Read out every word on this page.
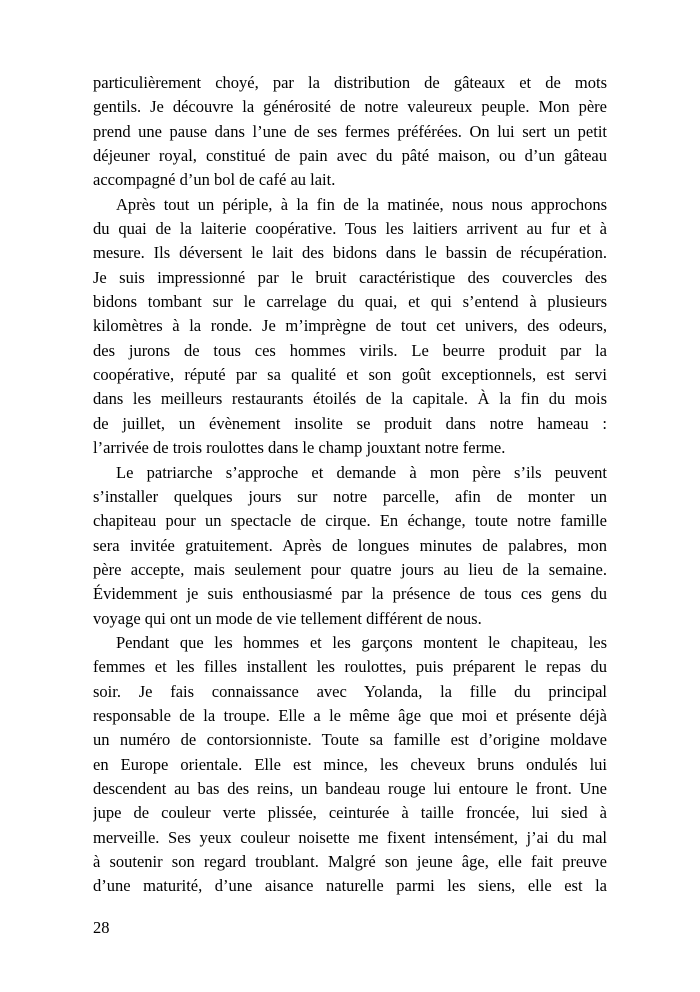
particulièrement choyé, par la distribution de gâteaux et de mots
gentils. Je découvre la générosité de notre valeureux peuple. Mon père
prend une pause dans l’une de ses fermes préférées. On lui sert un petit
déjeuner royal, constitué de pain avec du pâté maison, ou d’un gâteau
accompagné d’un bol de café au lait.

Après tout un périple, à la fin de la matinée, nous nous approchons
du quai de la laiterie coopérative. Tous les laitiers arrivent au fur et à
mesure. Ils déversent le lait des bidons dans le bassin de récupération.
Je suis impressionné par le bruit caractéristique des couvercles des
bidons tombant sur le carrelage du quai, et qui s’entend à plusieurs
kilomètres à la ronde. Je m’imprègne de tout cet univers, des odeurs,
des jurons de tous ces hommes virils. Le beurre produit par la
coopérative, réputé par sa qualité et son goût exceptionnels, est servi
dans les meilleurs restaurants étoilés de la capitale. À la fin du mois
de juillet, un évènement insolite se produit dans notre hameau :
l’arrivée de trois roulottes dans le champ jouxtant notre ferme.

Le patriarche s’approche et demande à mon père s’ils peuvent
s’installer quelques jours sur notre parcelle, afin de monter un
chapiteau pour un spectacle de cirque. En échange, toute notre famille
sera invitée gratuitement. Après de longues minutes de palabres, mon
père accepte, mais seulement pour quatre jours au lieu de la semaine.
Évidemment je suis enthousiasmé par la présence de tous ces gens du
voyage qui ont un mode de vie tellement différent de nous.

Pendant que les hommes et les garçons montent le chapiteau, les
femmes et les filles installent les roulottes, puis préparent le repas du
soir. Je fais connaissance avec Yolanda, la fille du principal
responsable de la troupe. Elle a le même âge que moi et présente déjà
un numéro de contorsionniste. Toute sa famille est d’origine moldave
en Europe orientale. Elle est mince, les cheveux bruns ondulés lui
descendent au bas des reins, un bandeau rouge lui entoure le front. Une
jupe de couleur verte plissée, ceinturée à taille froncée, lui sied à
merveille. Ses yeux couleur noisette me fixent intensément, j’ai du mal
à soutenir son regard troublant. Malgré son jeune âge, elle fait preuve
d’une maturité, d’une aisance naturelle parmi les siens, elle est la

28
